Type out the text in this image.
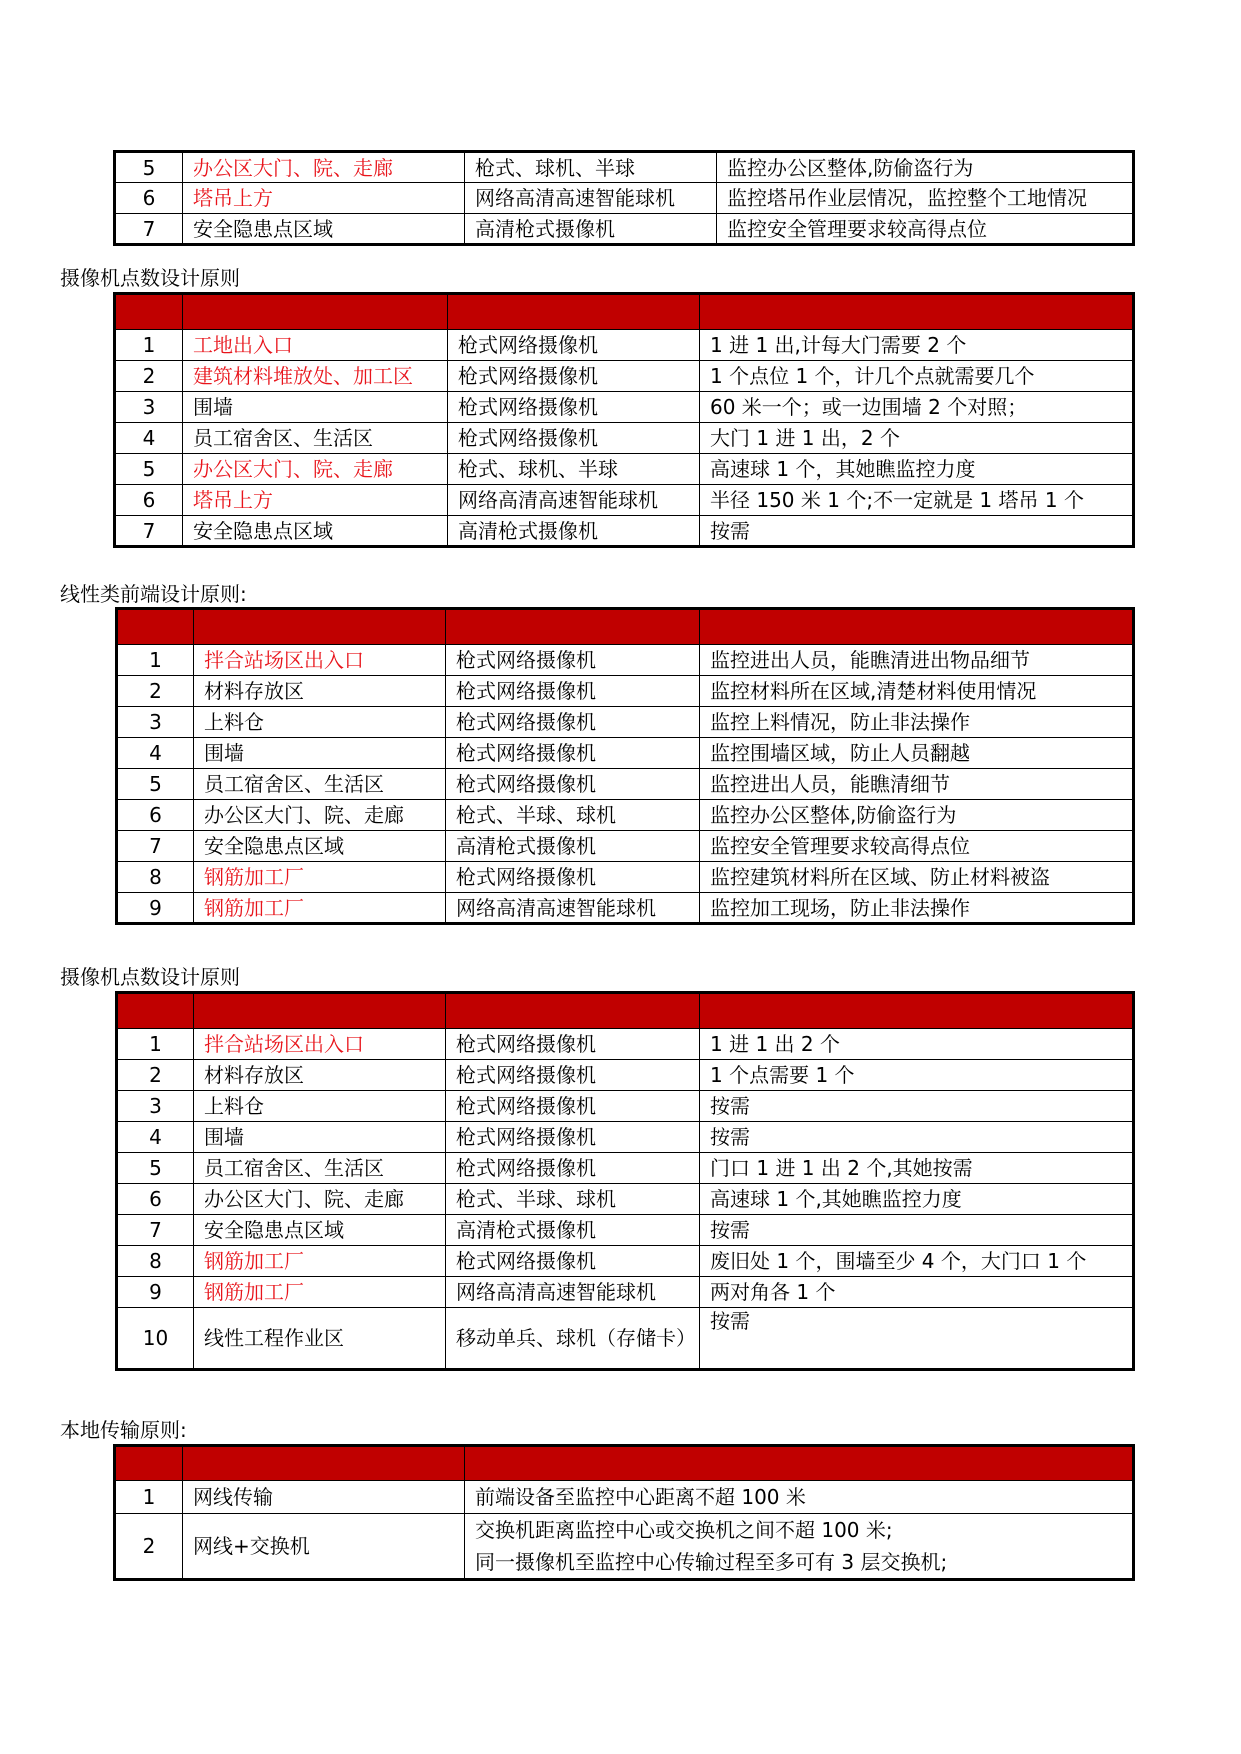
5	办公区大门、院、走廊	枪式、球机、半球	监控办公区整体,防偷盗行为
6	塔吊上方	网络高清高速智能球机	监控塔吊作业层情况，监控整个工地情况
7	安全隐患点区域	高清枪式摄像机	监控安全管理要求较高得点位
摄像机点数设计原则

1	工地出入口	枪式网络摄像机	1 进 1 出,计每大门需要 2 个
2	建筑材料堆放处、加工区	枪式网络摄像机	1 个点位 1 个，计几个点就需要几个
3	围墙	枪式网络摄像机	60 米一个；或一边围墙 2 个对照；
4	员工宿舍区、生活区	枪式网络摄像机	大门 1 进 1 出，2 个
5	办公区大门、院、走廊	枪式、球机、半球	高速球 1 个，其她瞧监控力度
6	塔吊上方	网络高清高速智能球机	半径 150 米 1 个;不一定就是 1 塔吊 1 个
7	安全隐患点区域	高清枪式摄像机	按需
线性类前端设计原则:

1	拌合站场区出入口	枪式网络摄像机	监控进出人员，能瞧清进出物品细节
2	材料存放区	枪式网络摄像机	监控材料所在区域,清楚材料使用情况
3	上料仓	枪式网络摄像机	监控上料情况，防止非法操作
4	围墙	枪式网络摄像机	监控围墙区域，防止人员翻越
5	员工宿舍区、生活区	枪式网络摄像机	监控进出人员，能瞧清细节
6	办公区大门、院、走廊	枪式、半球、球机	监控办公区整体,防偷盗行为
7	安全隐患点区域	高清枪式摄像机	监控安全管理要求较高得点位
8	钢筋加工厂	枪式网络摄像机	监控建筑材料所在区域、防止材料被盗
9	钢筋加工厂	网络高清高速智能球机	监控加工现场，防止非法操作
摄像机点数设计原则

1	拌合站场区出入口	枪式网络摄像机	1 进 1 出 2 个
2	材料存放区	枪式网络摄像机	1 个点需要 1 个
3	上料仓	枪式网络摄像机	按需
4	围墙	枪式网络摄像机	按需
5	员工宿舍区、生活区	枪式网络摄像机	门口 1 进 1 出 2 个,其她按需
6	办公区大门、院、走廊	枪式、半球、球机	高速球 1 个,其她瞧监控力度
7	安全隐患点区域	高清枪式摄像机	按需
8	钢筋加工厂	枪式网络摄像机	废旧处 1 个，围墙至少 4 个，大门口 1 个
9	钢筋加工厂	网络高清高速智能球机	两对角各 1 个
10	线性工程作业区	移动单兵、球机（存储卡）	按需
本地传输原则:

1	网线传输	前端设备至监控中心距离不超 100 米

2	网线+交换机	交换机距离监控中心或交换机之间不超 100 米;
同一摄像机至监控中心传输过程至多可有 3 层交换机;
